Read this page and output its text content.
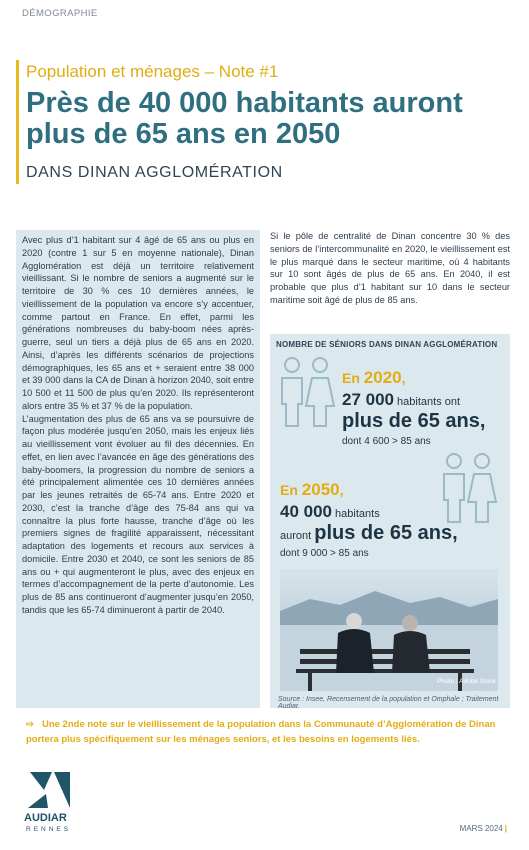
DÉMOGRAPHIE
Population et ménages – Note #1
Près de 40 000 habitants auront plus de 65 ans en 2050
DANS DINAN AGGLOMÉRATION

Avec plus d’1 habitant sur 4 âgé de 65 ans ou plus en 2020 (contre 1 sur 5 en moyenne nationale), Dinan Agglomération est déjà un territoire relativement vieillissant. Si le nombre de seniors a augmenté sur le territoire de 30 % ces 10 dernières années, le vieillissement de la population va encore s’y accentuer, comme partout en France. En effet, parmi les générations nombreuses du baby-boom nées après-guerre, seul un tiers a déjà plus de 65 ans en 2020. Ainsi, d’après les différents scénarios de projections démographiques, les 65 ans et + seraient entre 38 000 et 39 000 dans la CA de Dinan à horizon 2040, soit entre 10 500 et 11 500 de plus qu’en 2020. Ils représenteront alors entre 35 % et 37 % de la population.

L’augmentation des plus de 65 ans va se poursuivre de façon plus modérée jusqu’en 2050, mais les enjeux liés au vieillissement vont évoluer au fil des décennies. En effet, en lien avec l’avancée en âge des générations des baby-boomers, la progression du nombre de seniors a été principalement alimentée ces 10 dernières années par les jeunes retraités de 65-74 ans. Entre 2020 et 2030, c’est la tranche d’âge des 75-84 ans qui va connaître la plus forte hausse, tranche d’âge où les premiers signes de fragilité apparaissent, nécessitant adaptation des logements et recours aux services à domicile. Entre 2030 et 2040, ce sont les seniors de 85 ans ou + qui augmenteront le plus, avec des enjeux en termes d’accompagnement de la perte d’autonomie. Les plus de 85 ans continueront d’augmenter jusqu’en 2050, tandis que les 65-74 diminueront à partir de 2040.

Si le pôle de centralité de Dinan concentre 30 % des seniors de l’intercommunalité en 2020, le vieillissement est le plus marqué dans le secteur maritime, où 4 habitants sur 10 sont âgés de plus de 65 ans. En 2040, il est probable que plus d’1 habitant sur 10 dans le secteur maritime soit âgé de plus de 85 ans.

NOMBRE DE SÉNIORS DANS DINAN AGGLOMÉRATION
En 2020,
27 000 habitants ont
plus de 65 ans,
dont 4 600 > 85 ans
En 2050,
40 000 habitants
auront plus de 65 ans,
dont 9 000 > 85 ans
Photo : Adobe Stock
Source : Insee, Recensement de la population et Omphale ; Traitement Audiar.
⇨ Une 2nde note sur le vieillissement de la population dans la Communauté d’Agglomération de Dinan portera plus spécifiquement sur les ménages seniors, et les besoins en logements liés.
AUDIAR
RENNES	MARS 2024 |
